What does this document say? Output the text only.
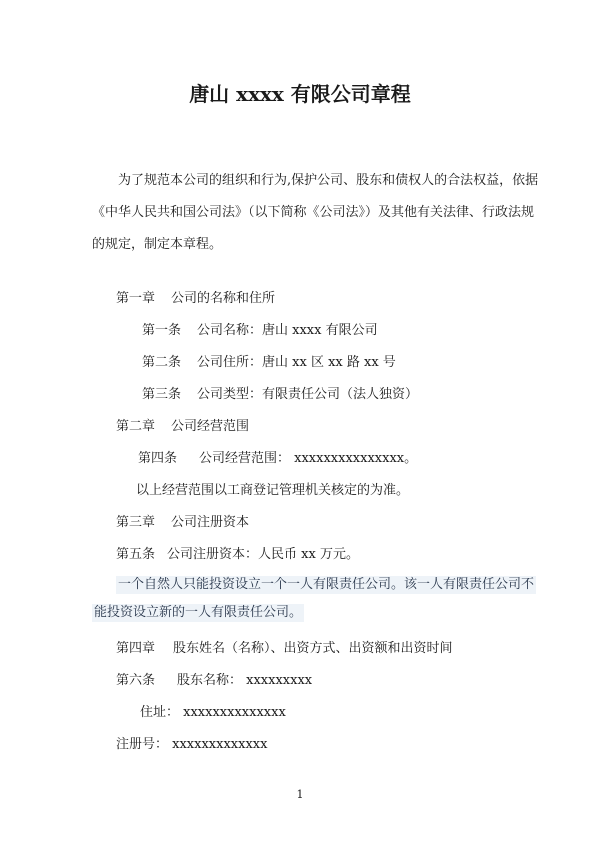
唐山 xxxx 有限公司章程
为了规范本公司的组织和行为,保护公司、股东和债权人的合法权益，依据
《中华人民共和国公司法》（以下简称《公司法》）及其他有关法律、行政法规
的规定，制定本章程。
第一章 公司的名称和住所
第一条 公司名称：唐山 xxxx 有限公司
第二条 公司住所：唐山 xx 区 xx 路 xx 号
第三条 公司类型：有限责任公司（法人独资）
第二章 公司经营范围
第四条 公司经营范围： xxxxxxxxxxxxxxx。
以上经营范围以工商登记管理机关核定的为准。
第三章 公司注册资本
第五条 公司注册资本：人民币 xx 万元。
一个自然人只能投资设立一个一人有限责任公司。该一人有限责任公司不
能投资设立新的一人有限责任公司。
第四章 股东姓名（名称）、出资方式、出资额和出资时间
第六条 股东名称： xxxxxxxxx
住址： xxxxxxxxxxxxxx
注册号： xxxxxxxxxxxxx
1
